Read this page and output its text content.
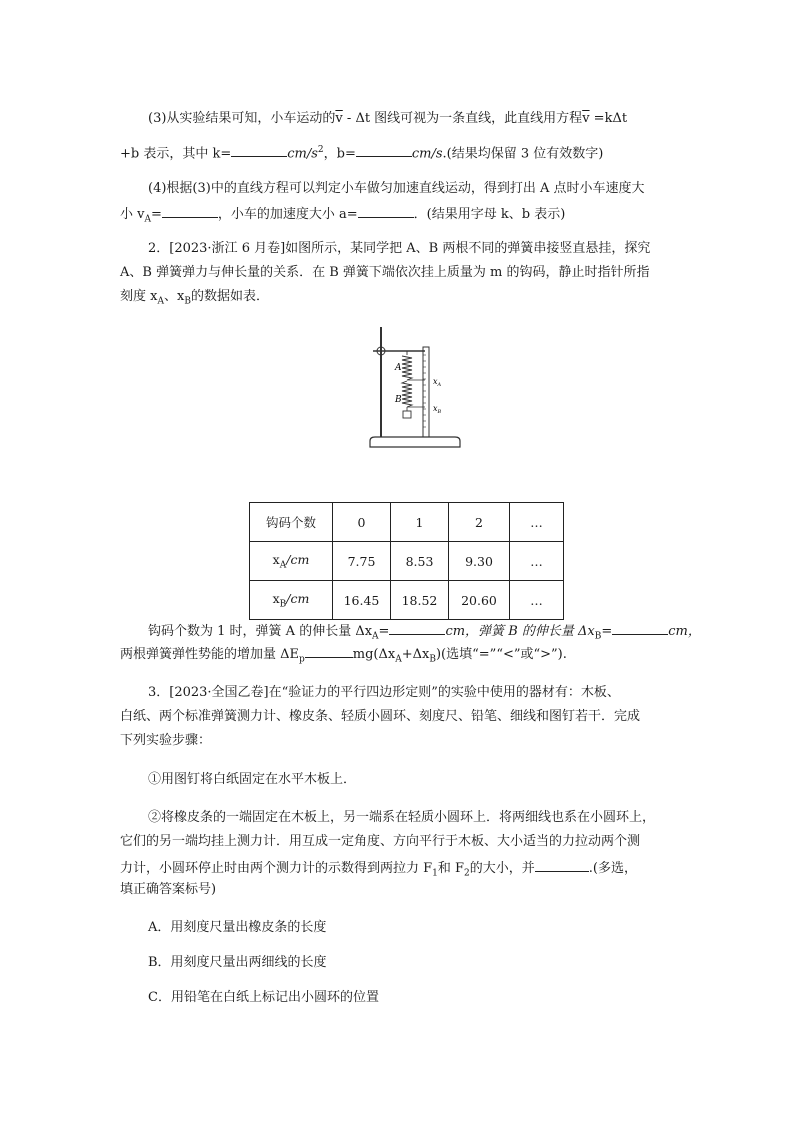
(3)从实验结果可知，小车运动的$\overline{v}$ - Δt 图线可视为一条直线，此直线用方程$\overline{v} =k\Delta t$
+b 表示，其中 k=	$cm/s^2$，b=	cm/s.(结果均保留 3 位有效数字)
(4)根据(3)中的直线方程可以判定小车做匀加速直线运动，得到打出 A 点时小车速度大
小 $v_A=$	，小车的加速度大小 a=	．(结果用字母 k、b 表示)
2．[2023·浙江 6 月卷]如图所示，某同学把 A、B 两根不同的弹簧串接竖直悬挂，探究
A、B 弹簧弹力与伸长量的关系．在 B 弹簧下端依次挂上质量为 m 的钩码，静止时指针所指
刻度 $x_A$、$x_B$的数据如表．
A
B
$x_A$
$x_B$
钩码个数	0	1	2	…
$x_A/cm$	7.75	8.53	9.30	…
$x_B/cm$	16.45	18.52	20.60	…
钩码个数为 1 时，弹簧 A 的伸长量 $\Delta x_A=$	cm，弹簧 B 的伸长量 $\Delta x_B=$	cm，
两根弹簧弹性势能的增加量 $\Delta E_p$	$mg(\Delta x_A+\Delta x_B)$(选填“=”“<”或“>”).
3．[2023·全国乙卷]在“验证力的平行四边形定则”的实验中使用的器材有：木板、
白纸、两个标准弹簧测力计、橡皮条、轻质小圆环、刻度尺、铅笔、细线和图钉若干．完成
下列实验步骤：
①用图钉将白纸固定在水平木板上．
②将橡皮条的一端固定在木板上，另一端系在轻质小圆环上．将两细线也系在小圆环上，
它们的另一端均挂上测力计．用互成一定角度、方向平行于木板、大小适当的力拉动两个测
力计，小圆环停止时由两个测力计的示数得到两拉力 $F_1$和 $F_2$的大小，并	.(多选，
填正确答案标号)
A．用刻度尺量出橡皮条的长度
B．用刻度尺量出两细线的长度
C．用铅笔在白纸上标记出小圆环的位置
